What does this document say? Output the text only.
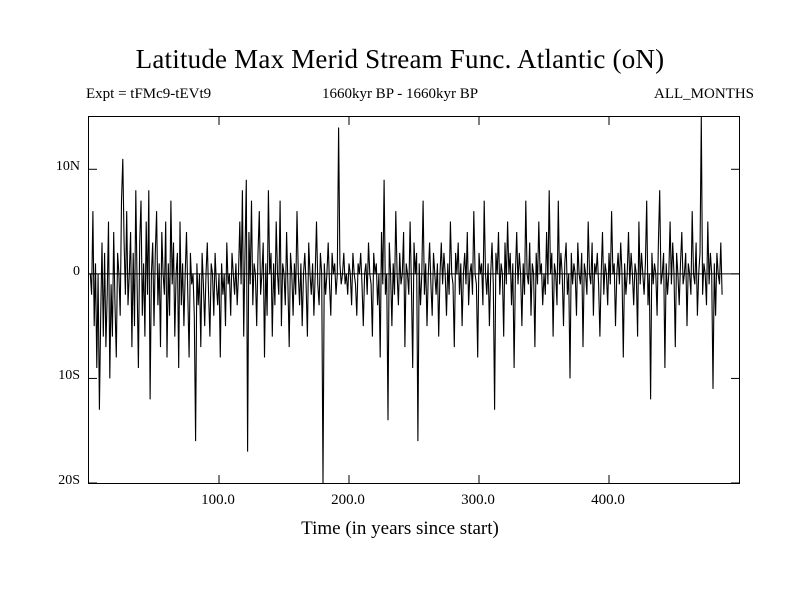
Latitude Max Merid Stream Func. Atlantic (oN)
Expt = tFMc9-tEVt9	1660kyr BP - 1660kyr BP	ALL_MONTHS
10N
0
10S
20S
100.0	200.0	300.0	400.0
Time (in years since start)
